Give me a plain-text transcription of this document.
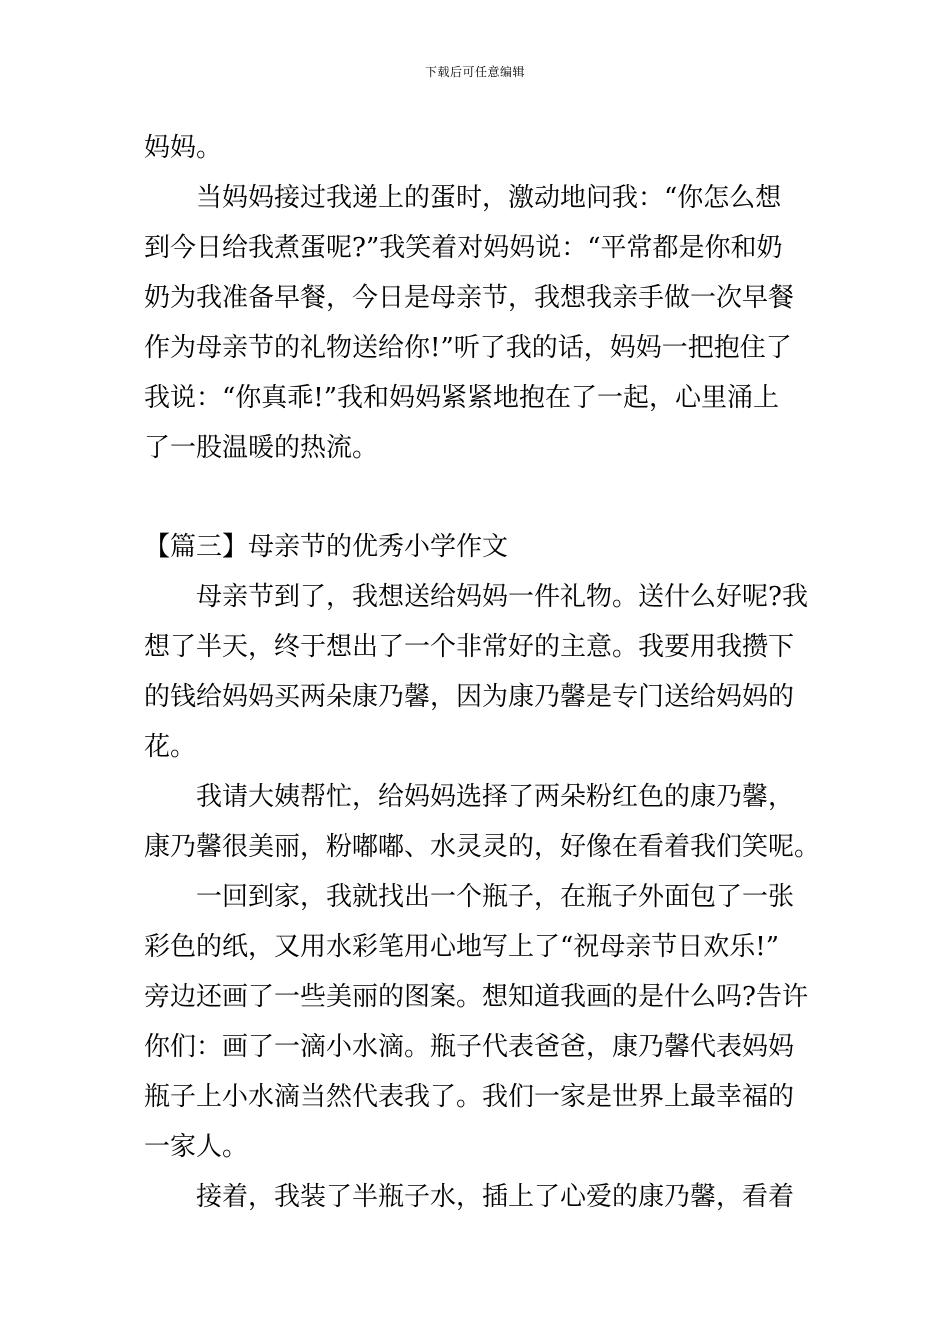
下载后可任意编辑
妈妈。
　　当妈妈接过我递上的蛋时，激动地问我：“你怎么想
到今日给我煮蛋呢?”我笑着对妈妈说：“平常都是你和奶
奶为我准备早餐，今日是母亲节，我想我亲手做一次早餐
作为母亲节的礼物送给你!”听了我的话，妈妈一把抱住了
我说：“你真乖!”我和妈妈紧紧地抱在了一起，心里涌上
了一股温暖的热流。
【篇三】母亲节的优秀小学作文
　　母亲节到了，我想送给妈妈一件礼物。送什么好呢?我
想了半天，终于想出了一个非常好的主意。我要用我攒下
的钱给妈妈买两朵康乃馨，因为康乃馨是专门送给妈妈的
花。
　　我请大姨帮忙，给妈妈选择了两朵粉红色的康乃馨，
康乃馨很美丽，粉嘟嘟、水灵灵的，好像在看着我们笑呢。
　　一回到家，我就找出一个瓶子，在瓶子外面包了一张
彩色的纸，又用水彩笔用心地写上了“祝母亲节日欢乐!”
旁边还画了一些美丽的图案。想知道我画的是什么吗?告许
你们：画了一滴小水滴。瓶子代表爸爸，康乃馨代表妈妈
瓶子上小水滴当然代表我了。我们一家是世界上最幸福的
一家人。
　　接着，我装了半瓶子水，插上了心爱的康乃馨，看着
